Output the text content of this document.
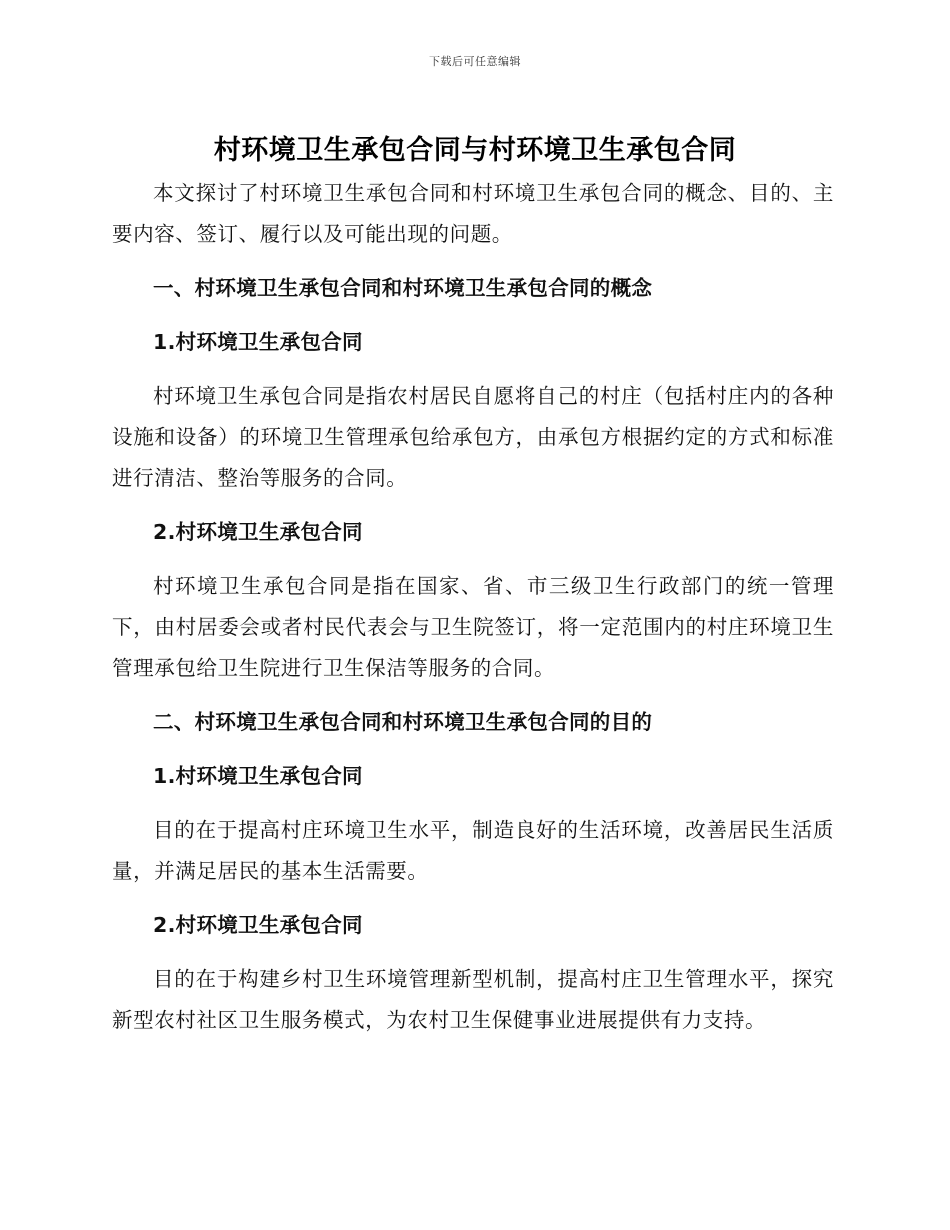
下载后可任意编辑
村环境卫生承包合同与村环境卫生承包合同

本文探讨了村环境卫生承包合同和村环境卫生承包合同的概念、目的、主要内容、签订、履行以及可能出现的问题。

一、村环境卫生承包合同和村环境卫生承包合同的概念

1.村环境卫生承包合同

村环境卫生承包合同是指农村居民自愿将自己的村庄（包括村庄内的各种设施和设备）的环境卫生管理承包给承包方，由承包方根据约定的方式和标准进行清洁、整治等服务的合同。

2.村环境卫生承包合同

村环境卫生承包合同是指在国家、省、市三级卫生行政部门的统一管理下，由村居委会或者村民代表会与卫生院签订，将一定范围内的村庄环境卫生管理承包给卫生院进行卫生保洁等服务的合同。

二、村环境卫生承包合同和村环境卫生承包合同的目的

1.村环境卫生承包合同

目的在于提高村庄环境卫生水平，制造良好的生活环境，改善居民生活质量，并满足居民的基本生活需要。

2.村环境卫生承包合同

目的在于构建乡村卫生环境管理新型机制，提高村庄卫生管理水平，探究新型农村社区卫生服务模式，为农村卫生保健事业进展提供有力支持。
